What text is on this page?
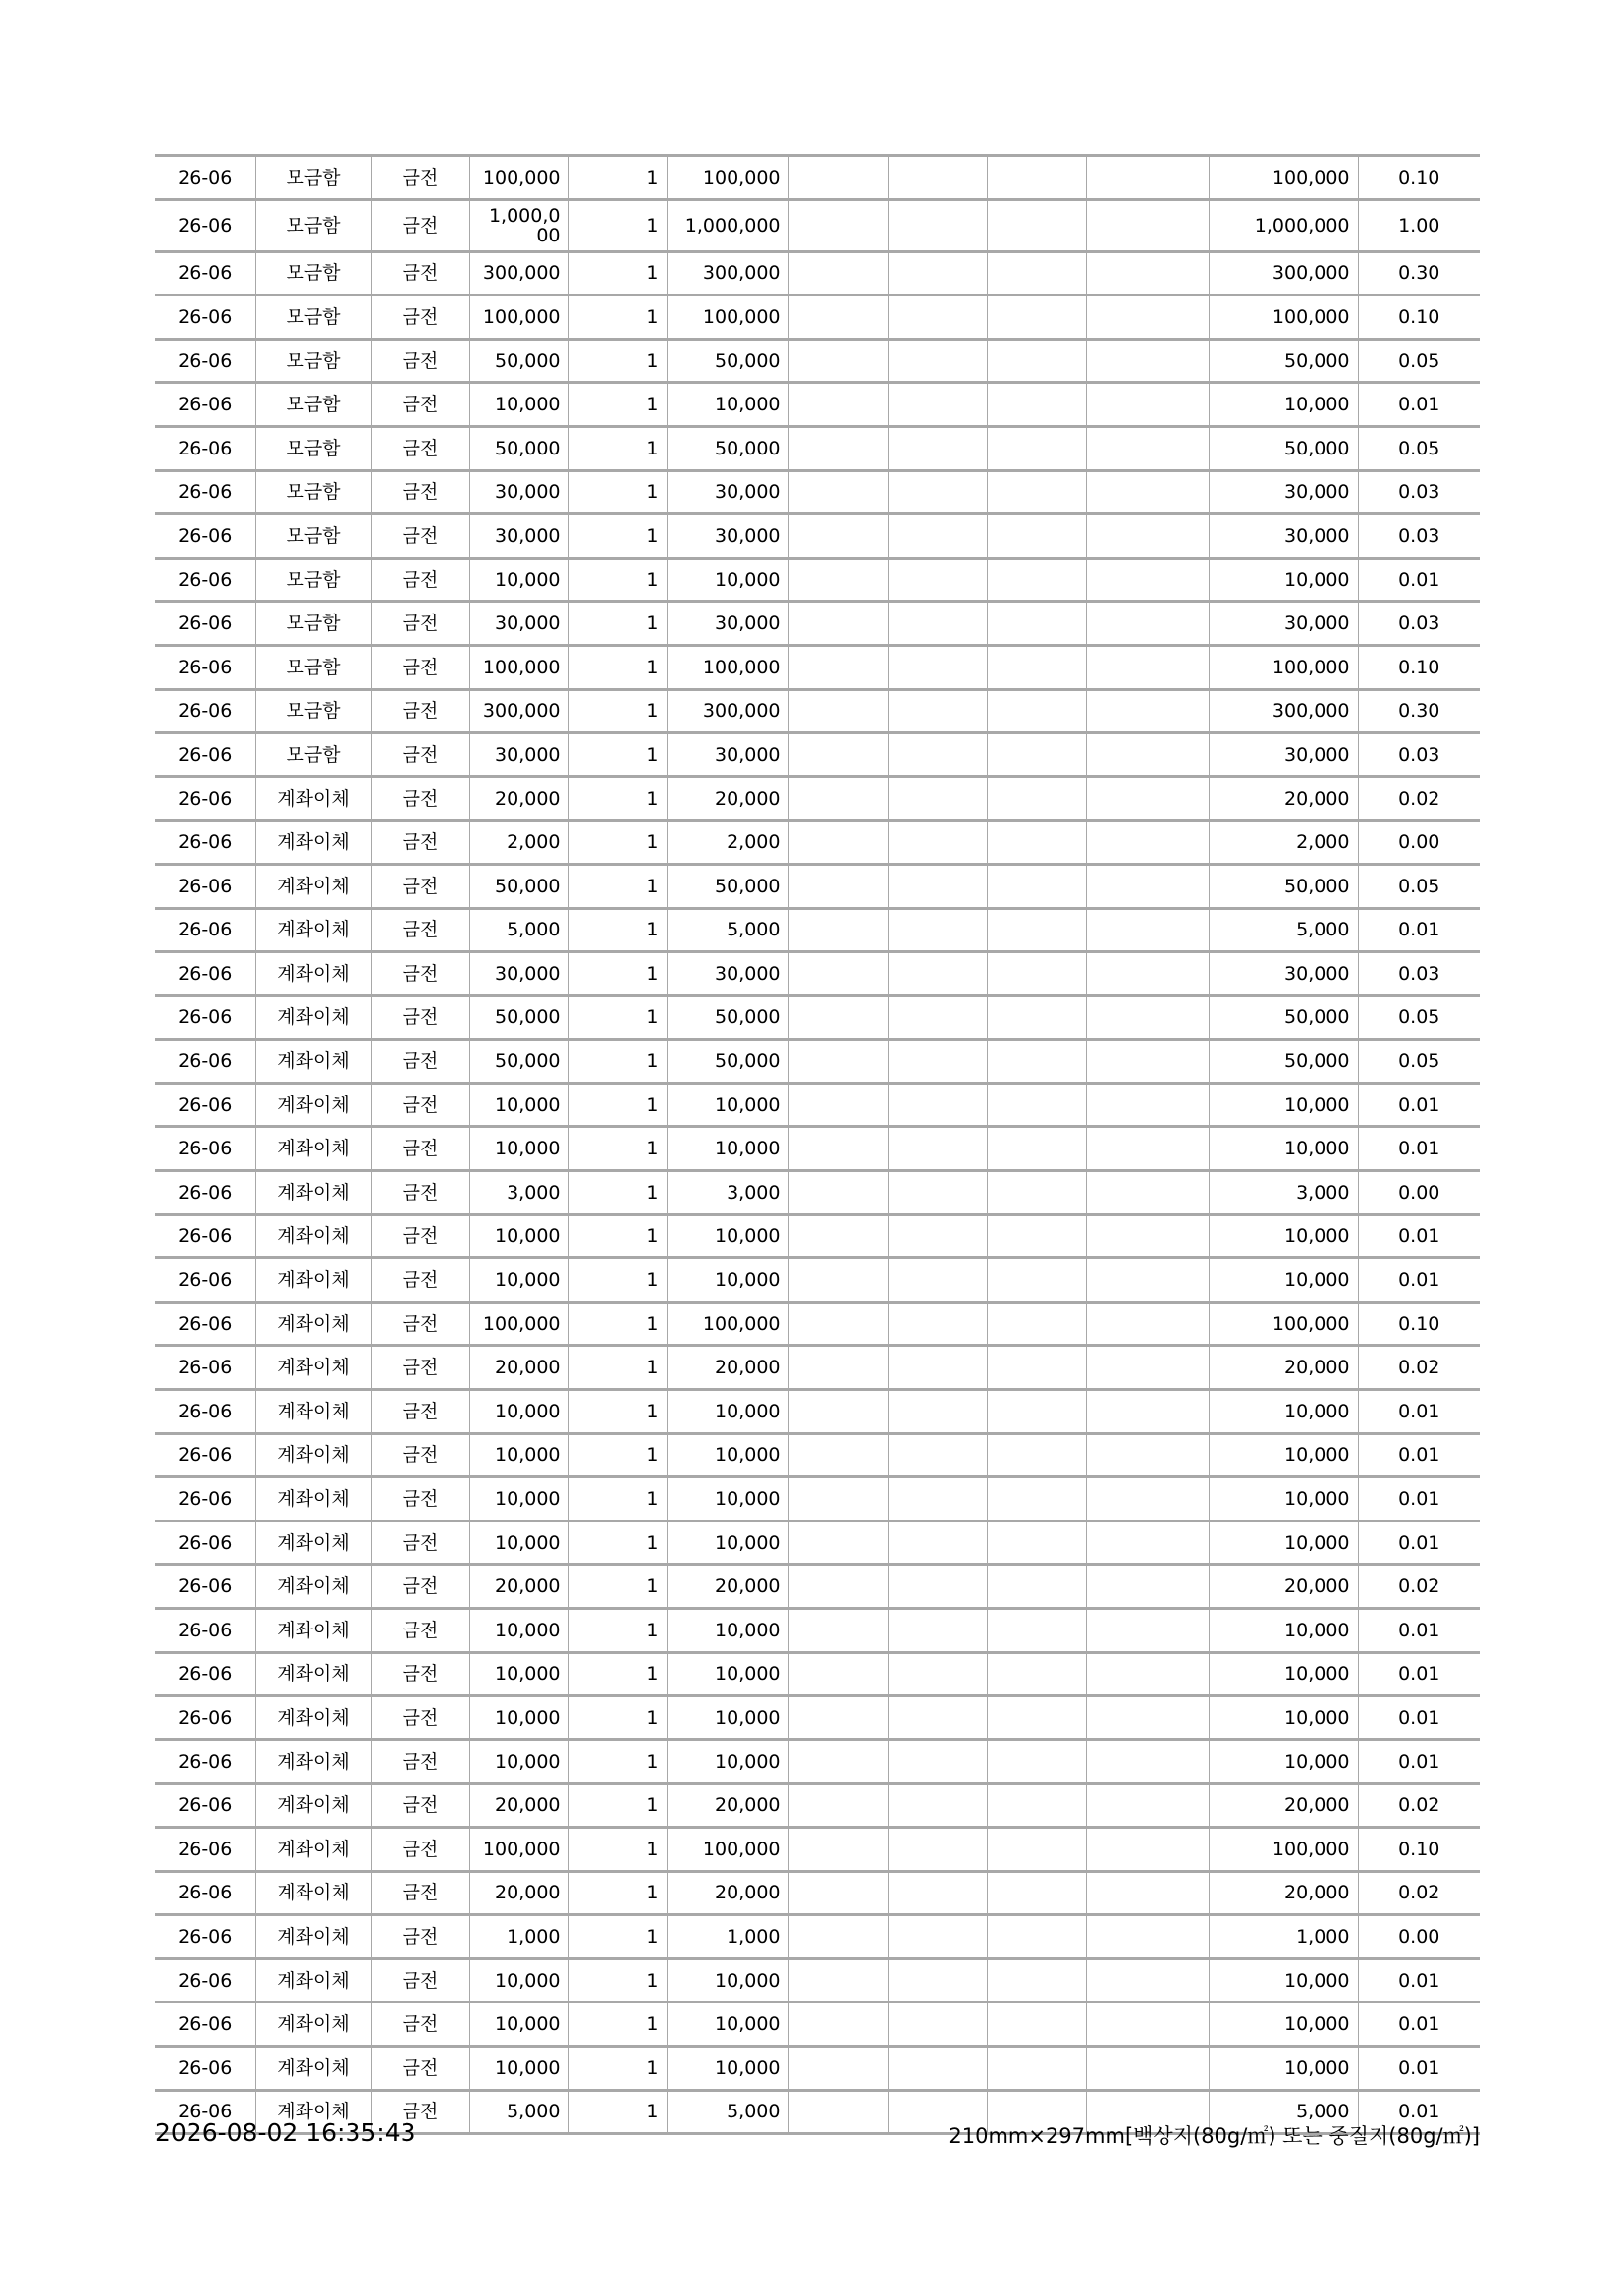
26-06	모금함	금전	100,000	1	100,000					100,000	0.10
26-06	모금함	금전	1,000,000	1	1,000,000					1,000,000	1.00
26-06	모금함	금전	300,000	1	300,000					300,000	0.30
26-06	모금함	금전	100,000	1	100,000					100,000	0.10
26-06	모금함	금전	50,000	1	50,000					50,000	0.05
26-06	모금함	금전	10,000	1	10,000					10,000	0.01
26-06	모금함	금전	50,000	1	50,000					50,000	0.05
26-06	모금함	금전	30,000	1	30,000					30,000	0.03
26-06	모금함	금전	30,000	1	30,000					30,000	0.03
26-06	모금함	금전	10,000	1	10,000					10,000	0.01
26-06	모금함	금전	30,000	1	30,000					30,000	0.03
26-06	모금함	금전	100,000	1	100,000					100,000	0.10
26-06	모금함	금전	300,000	1	300,000					300,000	0.30
26-06	모금함	금전	30,000	1	30,000					30,000	0.03
26-06	계좌이체	금전	20,000	1	20,000					20,000	0.02
26-06	계좌이체	금전	2,000	1	2,000					2,000	0.00
26-06	계좌이체	금전	50,000	1	50,000					50,000	0.05
26-06	계좌이체	금전	5,000	1	5,000					5,000	0.01
26-06	계좌이체	금전	30,000	1	30,000					30,000	0.03
26-06	계좌이체	금전	50,000	1	50,000					50,000	0.05
26-06	계좌이체	금전	50,000	1	50,000					50,000	0.05
26-06	계좌이체	금전	10,000	1	10,000					10,000	0.01
26-06	계좌이체	금전	10,000	1	10,000					10,000	0.01
26-06	계좌이체	금전	3,000	1	3,000					3,000	0.00
26-06	계좌이체	금전	10,000	1	10,000					10,000	0.01
26-06	계좌이체	금전	10,000	1	10,000					10,000	0.01
26-06	계좌이체	금전	100,000	1	100,000					100,000	0.10
26-06	계좌이체	금전	20,000	1	20,000					20,000	0.02
26-06	계좌이체	금전	10,000	1	10,000					10,000	0.01
26-06	계좌이체	금전	10,000	1	10,000					10,000	0.01
26-06	계좌이체	금전	10,000	1	10,000					10,000	0.01
26-06	계좌이체	금전	10,000	1	10,000					10,000	0.01
26-06	계좌이체	금전	20,000	1	20,000					20,000	0.02
26-06	계좌이체	금전	10,000	1	10,000					10,000	0.01
26-06	계좌이체	금전	10,000	1	10,000					10,000	0.01
26-06	계좌이체	금전	10,000	1	10,000					10,000	0.01
26-06	계좌이체	금전	10,000	1	10,000					10,000	0.01
26-06	계좌이체	금전	20,000	1	20,000					20,000	0.02
26-06	계좌이체	금전	100,000	1	100,000					100,000	0.10
26-06	계좌이체	금전	20,000	1	20,000					20,000	0.02
26-06	계좌이체	금전	1,000	1	1,000					1,000	0.00
26-06	계좌이체	금전	10,000	1	10,000					10,000	0.01
26-06	계좌이체	금전	10,000	1	10,000					10,000	0.01
26-06	계좌이체	금전	10,000	1	10,000					10,000	0.01
26-06	계좌이체	금전	5,000	1	5,000					5,000	0.01
2026-08-02 16:35:43	210mm×297mm[백상지(80g/㎡) 또는 중질지(80g/㎡)]
